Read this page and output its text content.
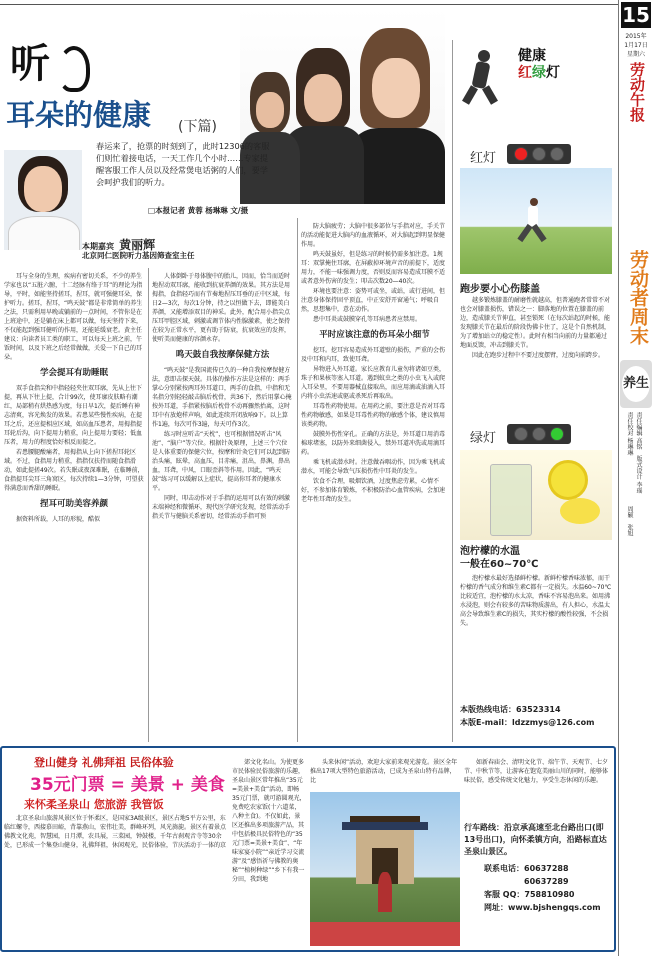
15
2015年
1月17日
星期六
劳动午报
劳动者周末
养生
责任编辑 高铭　版式设计 李瑶　责任校对 杨琳琳
周颖　张旭
听
耳朵的健康 (下篇)
春运来了，抢票的时刻到了，此时12306的客服们则忙着接电话，一天工作几个小时……专家提醒客服工作人员以及经常煲电话粥的人们，要学会呵护我们的听力。
□本报记者 黄蓉 杨琳琳 文/摄
本期嘉宾 黄丽辉
北京同仁医院听力基因筛查室主任

耳与全身的生理，疾病有密切关系，不少的养生学家也以“五脏六腑，十二经脉有络于耳”的理论为指导，平时，如能坚持搓耳，捏耳，就可强健耳朵，保护听力。搓耳，捏耳，“鸣天鼓”都是非常简单的养生之法，只需利用早晚或躺前的一点时间，不管你是在上班途中，还是躺在床上都可以做，每天坚持下来，不仅能起到强耳健听的作用，还能延缓衰老。黄主任建议：向读者员工类的职工，可以每天上班之前，午饭时间，以及下班之后经常做做，关爱一下自己的耳朵。

学会提耳有助睡眠

双手食指尖和中指轻轻夹住双耳廓，先从上往下提，再从下往上提，合计99次，使耳廓皮肤略有潮红，局部稍有烘热感为度，每日早1次，提后睡有神志清爽，容光焕发的效果。若患某些慢性疾病，在提耳之后，还应提相应区域，如高血压患者，用拇指提耳轮后沟，向下提用力稍重，向上提用力要轻；低血压者，用力的程度恰好相反而提之。

若患腰腿酸痛者，用拇指从上向下搓捏耳轮区域。不过，食指用力稍重，指指仅扶持而随食指滑动，如此提搓49次。若失眠或夜深难眠，在临睡前，食指提耳尖耳三角窝区，每次持续1—3分钟，可望获得满意而香甜的睡眠。

捏耳可助美容养颜

据资料所载，人耳的形貌，酷似

人体倒卧于母体腹中的胎儿，因而，恰当而适时地捏动双耳廓，能收到抗衰养颜的效果。其方法是用拇指，食指轻巧而有节奏地捏压耳垂的正中区域，每日2—3次，每次1分钟，持之以恒做下去，即能美白养颜，又能增添双目的神采。此外，配合用小指尖点压耳甲腔区域，刺激或调节体内性腺激素，使之保持在较为正常水平，更有助于防衰，抗衰效应的发挥，使听美而健康的容颜永存。

鸣天鼓自我按摩保健方法

“鸣天鼓”是我国流传已久的一种自我按摩保健方法，意即击探天鼓。具体的操作方法是这样的：两手掌心分别紧按两耳外耳道口，两手的食指，中指和无名指分别轻轻敲击脑后枕骨，共36下，然后用掌心掩按外耳道，手指紧按脑后枕骨不动再骤然抬离，这时耳中有放炮样声响，如此连续开闭放响9下。以上算作1遍，每次可作3遍，每天可作3次。

练习时应听击“天枕”，也可根据情况听击“风池”、“脑户”等穴位。根据针灸原理，上述三个穴位是人体重要的保健穴位，按摩和针灸它们可以起到防治头痛，眩晕，高血压，目赤痛，沮出，鼻渊，鼻出血，耳聋，中风，口眼歪斜等作用。因此，“鸣天鼓”练习可以缓解以上症状，提高你耳者的健康水平。

同时，叩击动作对于手指的运用可以有效的刺激末端神经和微循环，现代医学研究发现，经常活动手指关节与健脑关系密切，经常活动手指可预

防大脑疲劳；大脑中很多部位与手指对应，手关节的活动能促进大脑内的血液循环，对大脑起到明显保健作用。

鸣天鼓虽好，但是练习的时候仍需多加注意。1规耳：双掌掩住耳廓，在屏蔽掉环境声音的前提下，适度用力，不能一味强调力度，否则反而容易造成耳膜不适或者意外伤害的发生；叩击次数20—40次。

环境也要注意：姿势可或坐，或站，或行进间，但注意身体保持固平顶直，中正安舒开窗通气；呼吸自然，思想集中，意在动作。

患中耳炎或鼓膜穿孔等耳病患者应禁用。

平时应该注意的伤耳朵小细节

挖耳。挖耳容易造成外耳道壁的损伤，严重的会伤及中耳和内耳，致使耳聋。

异物进入外耳道。家长应教育儿童勿将诸如豆类，珠子和果核等塞入耳道。遇到蚊虫之类的小虫飞入或爬入耳朵里，不要用器械直接取出，而应用滴或油滴入耳内将小虫活速或驱或杀死后再取出。

耳毒性药物使用。在用药之前，要注意是否对耳毒性药物敏感，如果是耳毒性药物的敏感个体，建议慎用该类药物。

鼓膜外伤性穿孔。正确的方法是，外耳道口用消毒棉球堵塞，以防外来细菌侵入，禁外耳道冲洗或用滴耳药。

乘飞机或潜水时。注意做吞咽动作，因为乘飞机或潜水，可能会导致气压损伤性中耳炎的发生。

饮食不合理，吸烟饮酒，过度焦虑劳累，心情不好，不参加体育锻炼，不积极防治心血管疾病，会加速老年性耳聋的发生。

健康
红绿灯
红灯
跑步要小心伤膝盖

越多锻炼膝盖的耐磨性就越高，但普通跑者常常不对也会对膝盖损伤，错误之一：脚落地的位置在膝盖的前边，造成膝关节伸直，甚至锁死（在每次站起的时候，能发现膝关节在最后的阶段伪佛卡住了，这是个自然机制，为了增加站立的稳定性）。此时有相当向前的力量都通过地面反馈，冲击到膝关节。

因此在跑步过程中不要过度摆臂，过度向前跨步。

绿灯
泡柠檬的水温
一般在60~70℃

泡柠檬水最好选择鲜柠檬。新鲜柠檬香味浓郁，而干柠檬的香气成分和维生素C都有一定损失。水温60~70℃比较适宜，泡柠檬的水太凉，香味不容易泡出来。如用沸水浸泡，则会有较多的苦味物质游出，有人担心，水温太高会导致维生素C的损失，其实柠檬的酸性较强，不会损失。

本版热线电话：63523314
本版E-mail：ldzzmys@126.com
登山健身 礼佛拜祖 民俗体验
35元门票 = 美景 + 美食
来怀柔圣泉山 您旅游 我管饭

北京圣泉山旅游风景区位于怀柔区，是国家3A级景区，景区占地5平方公里，东临红螺寺，西接慕田峪，背靠燕山，宏伟壮美，群峰环列，风光旖旎。景区有着景点佛教文化苑，智慧园，日月潭，农具展，三菜园，钟鼓楼，千年古刹观音寺等30余处，已形成一个集登山健身，礼佛拜祖，休闲观光，民俗体验，节庆活动于一体的京

郊文化名山。为使更多市民体验民俗旅游的乐趣，圣泉山景区常年推出“35元=美景+美食”活动，即畅35元门票，就可游圆观光，免费吃农家饭(十六道菜，八种主食)。不仅如此，景区还推出多项旅游产品，其中包括极具民俗特色的“35元门票=美景+美食”、“年味家宴小院”“亲近学习交流游”及“感悟祈与佛教的奥秘”“植树种绿”“乡下有我一分田，我到地

头来休闲”活动，欢迎大家前来观光游览。景区全年推出17项大型特色旅游活动，已成为圣泉山特有品牌，比

如新春庙会、清明文化节、端午节、天观节、七夕节、中秋节等，让游客在饱览美丽山川的同时，能够体味民俗，感受传统文化魅力，享受生态休闲的乐趣。

行车路线：沿京承高速至北台路出口(即13号出口)，向怀柔镇方向，沿路标直达圣泉山景区。
联系电话：60637288
60637289
客服 QQ：758810980
网址：www.bjshengqs.com
